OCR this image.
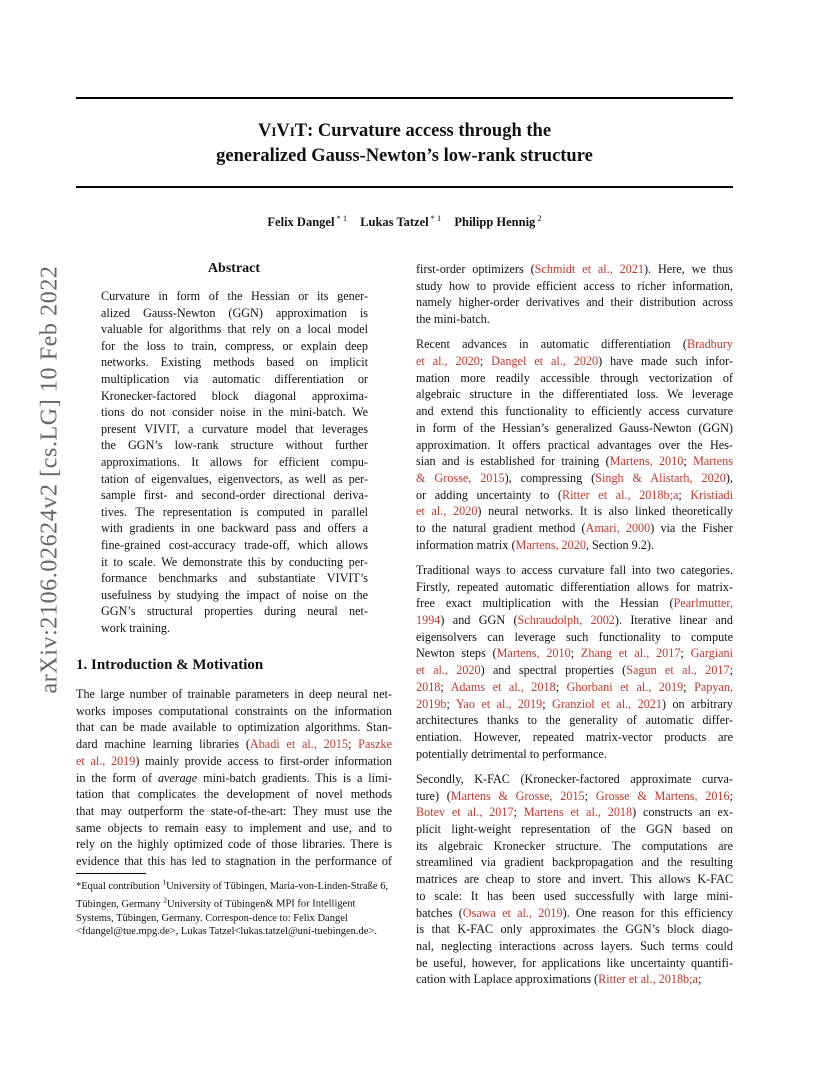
arXiv:2106.02624v2 [cs.LG] 10 Feb 2022
ViViT: Curvature access through the
generalized Gauss-Newton’s low-rank structure
Felix Dangel $^{* 1}$ Lukas Tatzel $^{* 1}$ Philipp Hennig $^2$
Abstract
Curvature in form of the Hessian or its gener-
alized Gauss-Newton (GGN) approximation is
valuable for algorithms that rely on a local model
for the loss to train, compress, or explain deep
networks. Existing methods based on implicit
multiplication via automatic differentiation or
Kronecker-factored block diagonal approxima-
tions do not consider noise in the mini-batch. We
present VIVIT, a curvature model that leverages
the GGN’s low-rank structure without further
approximations. It allows for efficient compu-
tation of eigenvalues, eigenvectors, as well as per-
sample first- and second-order directional deriva-
tives. The representation is computed in parallel
with gradients in one backward pass and offers a
fine-grained cost-accuracy trade-off, which allows
it to scale. We demonstrate this by conducting per-
formance benchmarks and substantiate VIVIT’s
usefulness by studying the impact of noise on the
GGN’s structural properties during neural net-
work training.
1. Introduction & Motivation
The large number of trainable parameters in deep neural net-
works imposes computational constraints on the information
that can be made available to optimization algorithms. Stan-
dard machine learning libraries (Abadi et al., 2015; Paszke
et al., 2019) mainly provide access to first-order information
in the form of average mini-batch gradients. This is a limi-
tation that complicates the development of novel methods
that may outperform the state-of-the-art: They must use the
same objects to remain easy to implement and use, and to
rely on the highly optimized code of those libraries. There is
evidence that this has led to stagnation in the performance of
*Equal contribution $^1$University of Tübingen, Maria-von-Linden-Straße 6, Tübingen, Germany $^2$University of Tübingen& MPI for Intelligent Systems, Tübingen, Germany. Correspon-dence to: Felix Dangel <fdangel@tue.mpg.de>, Lukas Tatzel<lukas.tatzel@uni-tuebingen.de>.
first-order optimizers (Schmidt et al., 2021). Here, we thus
study how to provide efficient access to richer information,
namely higher-order derivatives and their distribution across
the mini-batch.
Recent advances in automatic differentiation (Bradbury
et al., 2020; Dangel et al., 2020) have made such infor-
mation more readily accessible through vectorization of
algebraic structure in the differentiated loss. We leverage
and extend this functionality to efficiently access curvature
in form of the Hessian’s generalized Gauss-Newton (GGN)
approximation. It offers practical advantages over the Hes-
sian and is established for training (Martens, 2010; Martens
& Grosse, 2015), compressing (Singh & Alistarh, 2020),
or adding uncertainty to (Ritter et al., 2018b;a; Kristiadi
et al., 2020) neural networks. It is also linked theoretically
to the natural gradient method (Amari, 2000) via the Fisher
information matrix (Martens, 2020, Section 9.2).
Traditional ways to access curvature fall into two categories.
Firstly, repeated automatic differentiation allows for matrix-
free exact multiplication with the Hessian (Pearlmutter,
1994) and GGN (Schraudolph, 2002). Iterative linear and
eigensolvers can leverage such functionality to compute
Newton steps (Martens, 2010; Zhang et al., 2017; Gargiani
et al., 2020) and spectral properties (Sagun et al., 2017;
2018; Adams et al., 2018; Ghorbani et al., 2019; Papyan,
2019b; Yao et al., 2019; Granziol et al., 2021) on arbitrary
architectures thanks to the generality of automatic differ-
entiation. However, repeated matrix-vector products are
potentially detrimental to performance.
Secondly, K-FAC (Kronecker-factored approximate curva-
ture) (Martens & Grosse, 2015; Grosse & Martens, 2016;
Botev et al., 2017; Martens et al., 2018) constructs an ex-
plicit light-weight representation of the GGN based on
its algebraic Kronecker structure. The computations are
streamlined via gradient backpropagation and the resulting
matrices are cheap to store and invert. This allows K-FAC
to scale: It has been used successfully with large mini-
batches (Osawa et al., 2019). One reason for this efficiency
is that K-FAC only approximates the GGN’s block diago-
nal, neglecting interactions across layers. Such terms could
be useful, however, for applications like uncertainty quantifi-
cation with Laplace approximations (Ritter et al., 2018b;a;
